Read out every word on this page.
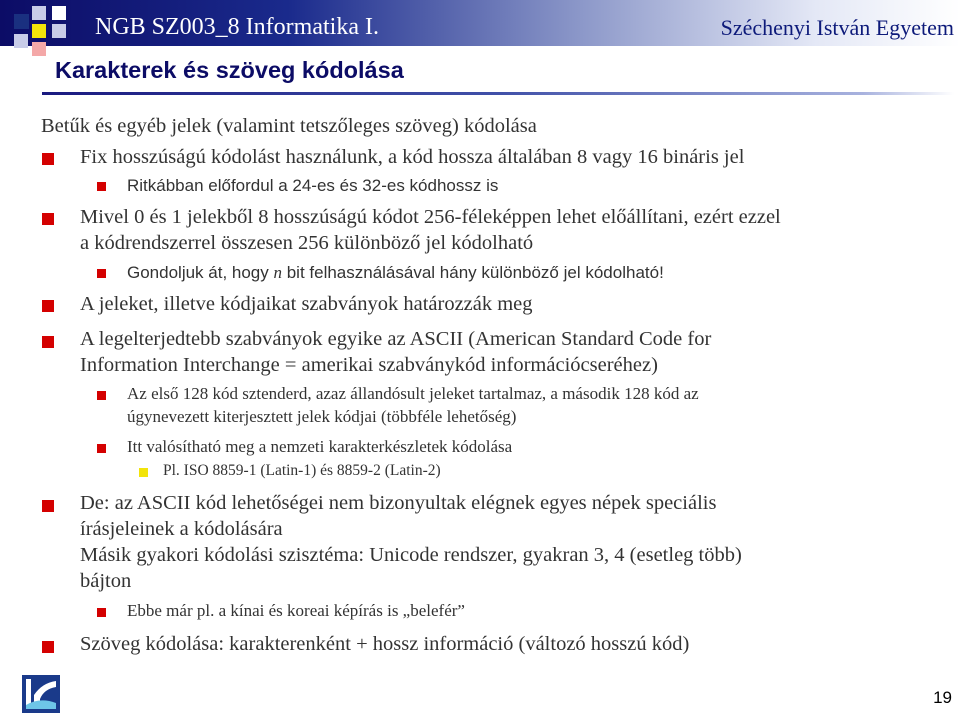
NGB SZ003_8 Informatika I.	Széchenyi István Egyetem
Karakterek és szöveg kódolása
Betűk és egyéb jelek (valamint tetszőleges szöveg) kódolása
Fix hosszúságú kódolást használunk, a kód hossza általában 8 vagy 16 bináris jel
Ritkábban előfordul a 24-es és 32-es kódhossz is
Mivel 0 és 1 jelekből 8 hosszúságú kódot 256-féleképpen lehet előállítani, ezért ezzel
a kódrendszerrel összesen 256 különböző jel kódolható
Gondoljuk át, hogy n bit felhasználásával hány különböző jel kódolható!
A jeleket, illetve kódjaikat szabványok határozzák meg
A legelterjedtebb szabványok egyike az ASCII (American Standard Code for
Information Interchange = amerikai szabványkód információcseréhez)
Az első 128 kód sztenderd, azaz állandósult jeleket tartalmaz, a második 128 kód az
úgynevezett kiterjesztett jelek kódjai (többféle lehetőség)
Itt valósítható meg a nemzeti karakterkészletek kódolása
Pl. ISO 8859-1 (Latin-1) és 8859-2 (Latin-2)
De: az ASCII kód lehetőségei nem bizonyultak elégnek egyes népek speciális
írásjeleinek a kódolására
Másik gyakori kódolási szisztéma: Unicode rendszer, gyakran 3, 4 (esetleg több)
bájton
Ebbe már pl. a kínai és koreai képírás is „belefér”
Szöveg kódolása: karakterenként + hossz információ (változó hosszú kód)
19
